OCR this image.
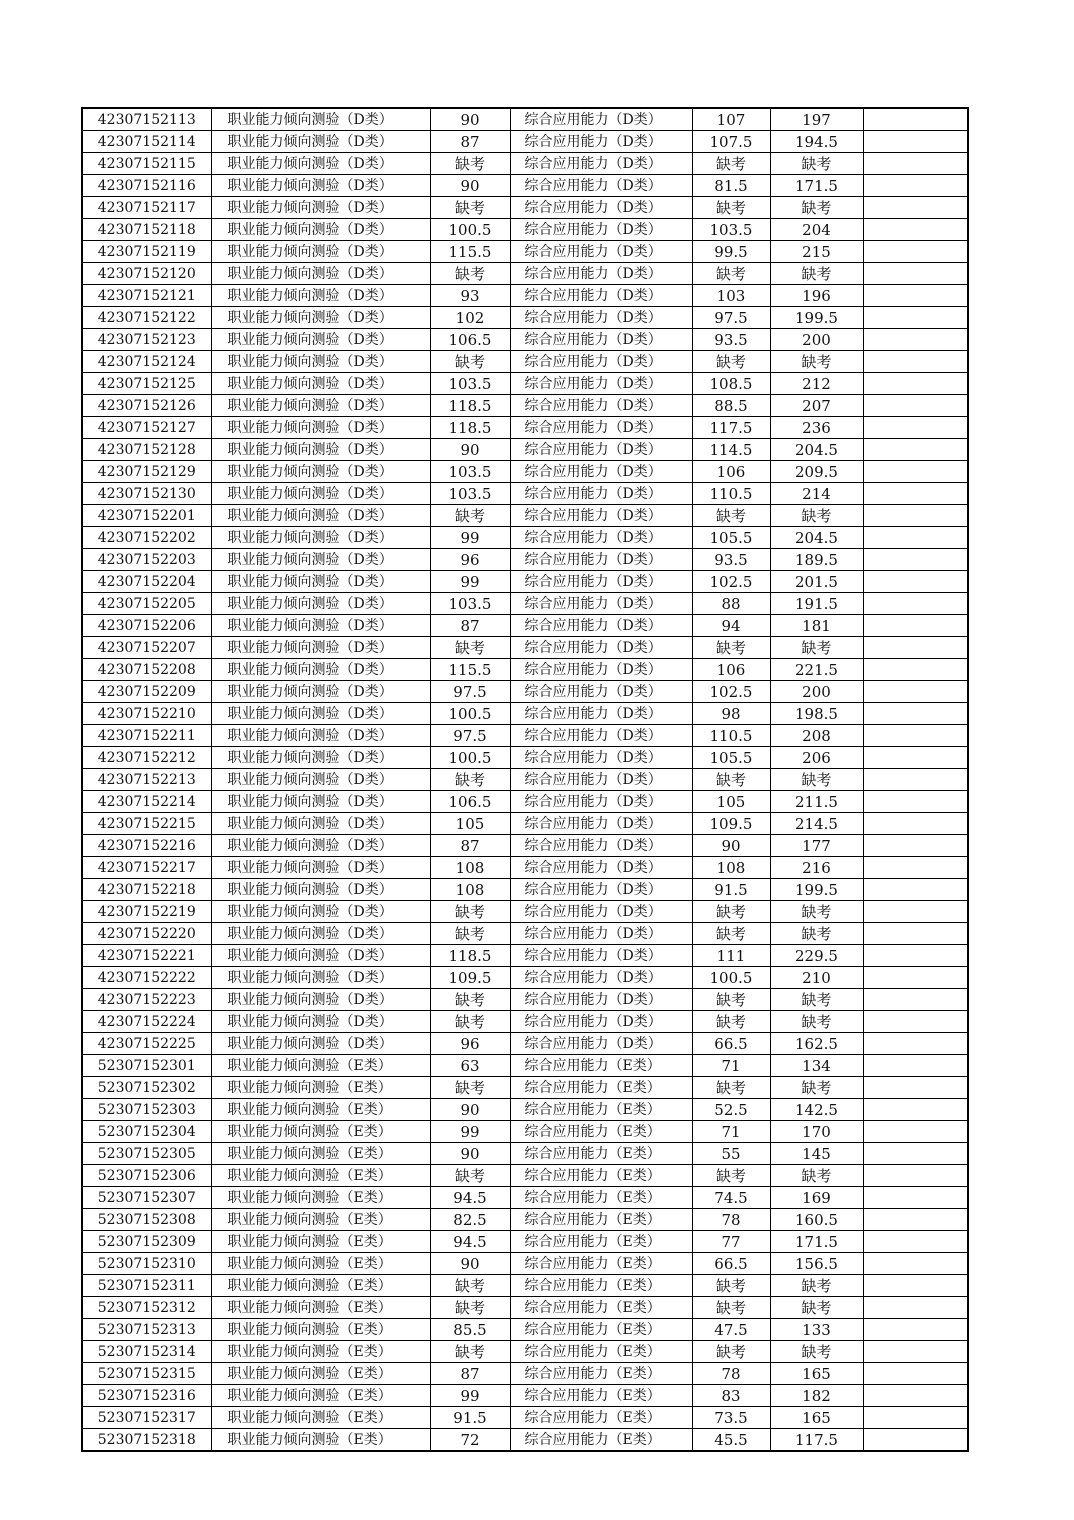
42307152113	职业能力倾向测验（D类）	90	综合应用能力（D类）	107	197	
42307152114	职业能力倾向测验（D类）	87	综合应用能力（D类）	107.5	194.5	
42307152115	职业能力倾向测验（D类）	缺考	综合应用能力（D类）	缺考	缺考	
42307152116	职业能力倾向测验（D类）	90	综合应用能力（D类）	81.5	171.5	
42307152117	职业能力倾向测验（D类）	缺考	综合应用能力（D类）	缺考	缺考	
42307152118	职业能力倾向测验（D类）	100.5	综合应用能力（D类）	103.5	204	
42307152119	职业能力倾向测验（D类）	115.5	综合应用能力（D类）	99.5	215	
42307152120	职业能力倾向测验（D类）	缺考	综合应用能力（D类）	缺考	缺考	
42307152121	职业能力倾向测验（D类）	93	综合应用能力（D类）	103	196	
42307152122	职业能力倾向测验（D类）	102	综合应用能力（D类）	97.5	199.5	
42307152123	职业能力倾向测验（D类）	106.5	综合应用能力（D类）	93.5	200	
42307152124	职业能力倾向测验（D类）	缺考	综合应用能力（D类）	缺考	缺考	
42307152125	职业能力倾向测验（D类）	103.5	综合应用能力（D类）	108.5	212	
42307152126	职业能力倾向测验（D类）	118.5	综合应用能力（D类）	88.5	207	
42307152127	职业能力倾向测验（D类）	118.5	综合应用能力（D类）	117.5	236	
42307152128	职业能力倾向测验（D类）	90	综合应用能力（D类）	114.5	204.5	
42307152129	职业能力倾向测验（D类）	103.5	综合应用能力（D类）	106	209.5	
42307152130	职业能力倾向测验（D类）	103.5	综合应用能力（D类）	110.5	214	
42307152201	职业能力倾向测验（D类）	缺考	综合应用能力（D类）	缺考	缺考	
42307152202	职业能力倾向测验（D类）	99	综合应用能力（D类）	105.5	204.5	
42307152203	职业能力倾向测验（D类）	96	综合应用能力（D类）	93.5	189.5	
42307152204	职业能力倾向测验（D类）	99	综合应用能力（D类）	102.5	201.5	
42307152205	职业能力倾向测验（D类）	103.5	综合应用能力（D类）	88	191.5	
42307152206	职业能力倾向测验（D类）	87	综合应用能力（D类）	94	181	
42307152207	职业能力倾向测验（D类）	缺考	综合应用能力（D类）	缺考	缺考	
42307152208	职业能力倾向测验（D类）	115.5	综合应用能力（D类）	106	221.5	
42307152209	职业能力倾向测验（D类）	97.5	综合应用能力（D类）	102.5	200	
42307152210	职业能力倾向测验（D类）	100.5	综合应用能力（D类）	98	198.5	
42307152211	职业能力倾向测验（D类）	97.5	综合应用能力（D类）	110.5	208	
42307152212	职业能力倾向测验（D类）	100.5	综合应用能力（D类）	105.5	206	
42307152213	职业能力倾向测验（D类）	缺考	综合应用能力（D类）	缺考	缺考	
42307152214	职业能力倾向测验（D类）	106.5	综合应用能力（D类）	105	211.5	
42307152215	职业能力倾向测验（D类）	105	综合应用能力（D类）	109.5	214.5	
42307152216	职业能力倾向测验（D类）	87	综合应用能力（D类）	90	177	
42307152217	职业能力倾向测验（D类）	108	综合应用能力（D类）	108	216	
42307152218	职业能力倾向测验（D类）	108	综合应用能力（D类）	91.5	199.5	
42307152219	职业能力倾向测验（D类）	缺考	综合应用能力（D类）	缺考	缺考	
42307152220	职业能力倾向测验（D类）	缺考	综合应用能力（D类）	缺考	缺考	
42307152221	职业能力倾向测验（D类）	118.5	综合应用能力（D类）	111	229.5	
42307152222	职业能力倾向测验（D类）	109.5	综合应用能力（D类）	100.5	210	
42307152223	职业能力倾向测验（D类）	缺考	综合应用能力（D类）	缺考	缺考	
42307152224	职业能力倾向测验（D类）	缺考	综合应用能力（D类）	缺考	缺考	
42307152225	职业能力倾向测验（D类）	96	综合应用能力（D类）	66.5	162.5	
52307152301	职业能力倾向测验（E类）	63	综合应用能力（E类）	71	134	
52307152302	职业能力倾向测验（E类）	缺考	综合应用能力（E类）	缺考	缺考	
52307152303	职业能力倾向测验（E类）	90	综合应用能力（E类）	52.5	142.5	
52307152304	职业能力倾向测验（E类）	99	综合应用能力（E类）	71	170	
52307152305	职业能力倾向测验（E类）	90	综合应用能力（E类）	55	145	
52307152306	职业能力倾向测验（E类）	缺考	综合应用能力（E类）	缺考	缺考	
52307152307	职业能力倾向测验（E类）	94.5	综合应用能力（E类）	74.5	169	
52307152308	职业能力倾向测验（E类）	82.5	综合应用能力（E类）	78	160.5	
52307152309	职业能力倾向测验（E类）	94.5	综合应用能力（E类）	77	171.5	
52307152310	职业能力倾向测验（E类）	90	综合应用能力（E类）	66.5	156.5	
52307152311	职业能力倾向测验（E类）	缺考	综合应用能力（E类）	缺考	缺考	
52307152312	职业能力倾向测验（E类）	缺考	综合应用能力（E类）	缺考	缺考	
52307152313	职业能力倾向测验（E类）	85.5	综合应用能力（E类）	47.5	133	
52307152314	职业能力倾向测验（E类）	缺考	综合应用能力（E类）	缺考	缺考	
52307152315	职业能力倾向测验（E类）	87	综合应用能力（E类）	78	165	
52307152316	职业能力倾向测验（E类）	99	综合应用能力（E类）	83	182	
52307152317	职业能力倾向测验（E类）	91.5	综合应用能力（E类）	73.5	165	
52307152318	职业能力倾向测验（E类）	72	综合应用能力（E类）	45.5	117.5	
